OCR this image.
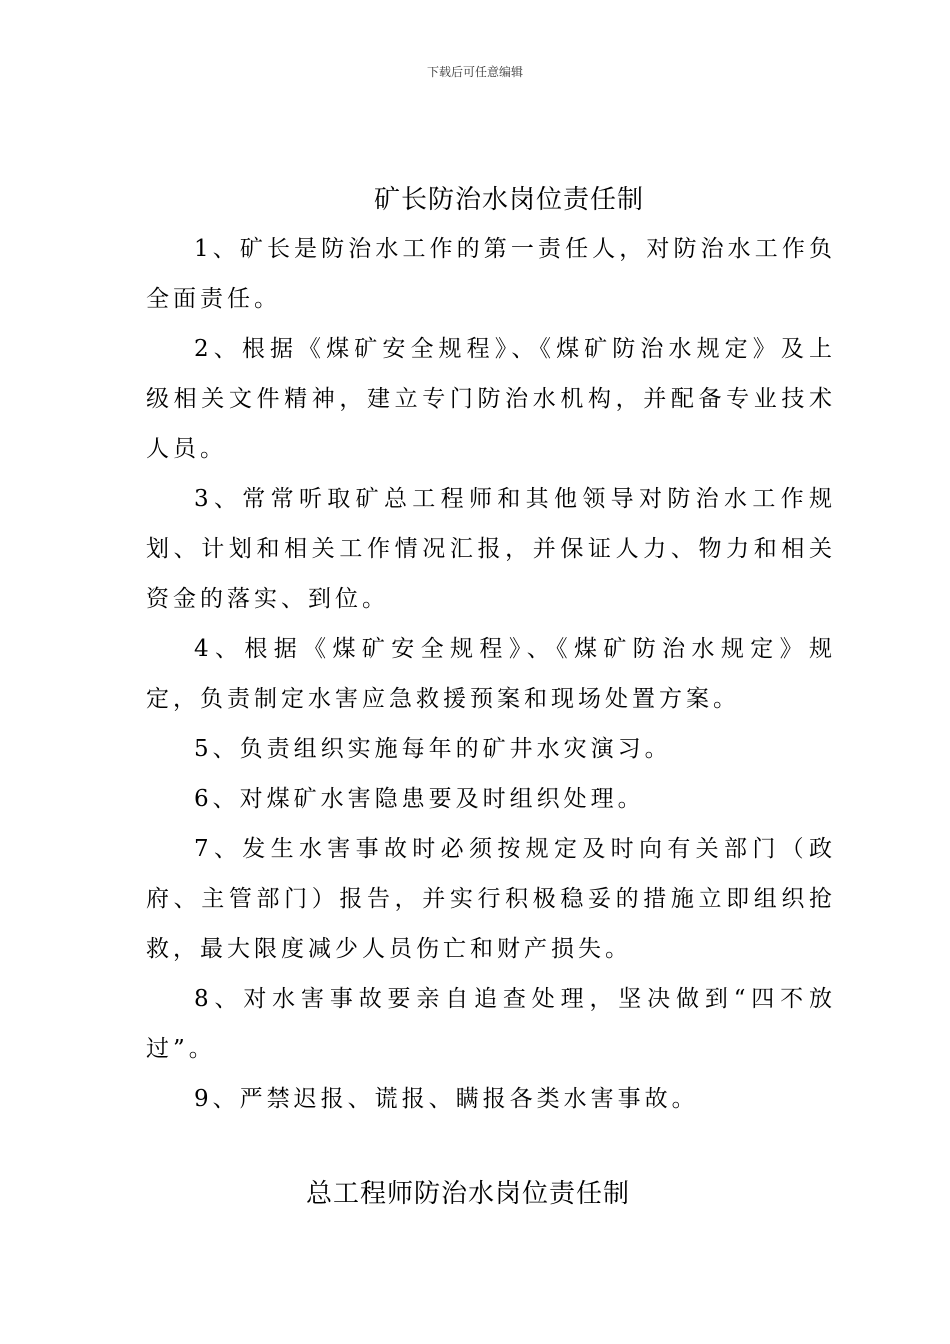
下载后可任意编辑
矿长防治水岗位责任制

1、矿长是防治水工作的第一责任人，对防治水工作负全面责任。

2、根据《煤矿安全规程》、《煤矿防治水规定》及上级相关文件精神，建立专门防治水机构，并配备专业技术人员。

3、常常听取矿总工程师和其他领导对防治水工作规划、计划和相关工作情况汇报，并保证人力、物力和相关资金的落实、到位。

4、根据《煤矿安全规程》、《煤矿防治水规定》规定，负责制定水害应急救援预案和现场处置方案。

5、负责组织实施每年的矿井水灾演习。

6、对煤矿水害隐患要及时组织处理。

7、发生水害事故时必须按规定及时向有关部门（政府、主管部门）报告，并实行积极稳妥的措施立即组织抢救，最大限度减少人员伤亡和财产损失。

8、对水害事故要亲自追查处理，坚决做到“四不放过”。

9、严禁迟报、谎报、瞒报各类水害事故。

总工程师防治水岗位责任制
